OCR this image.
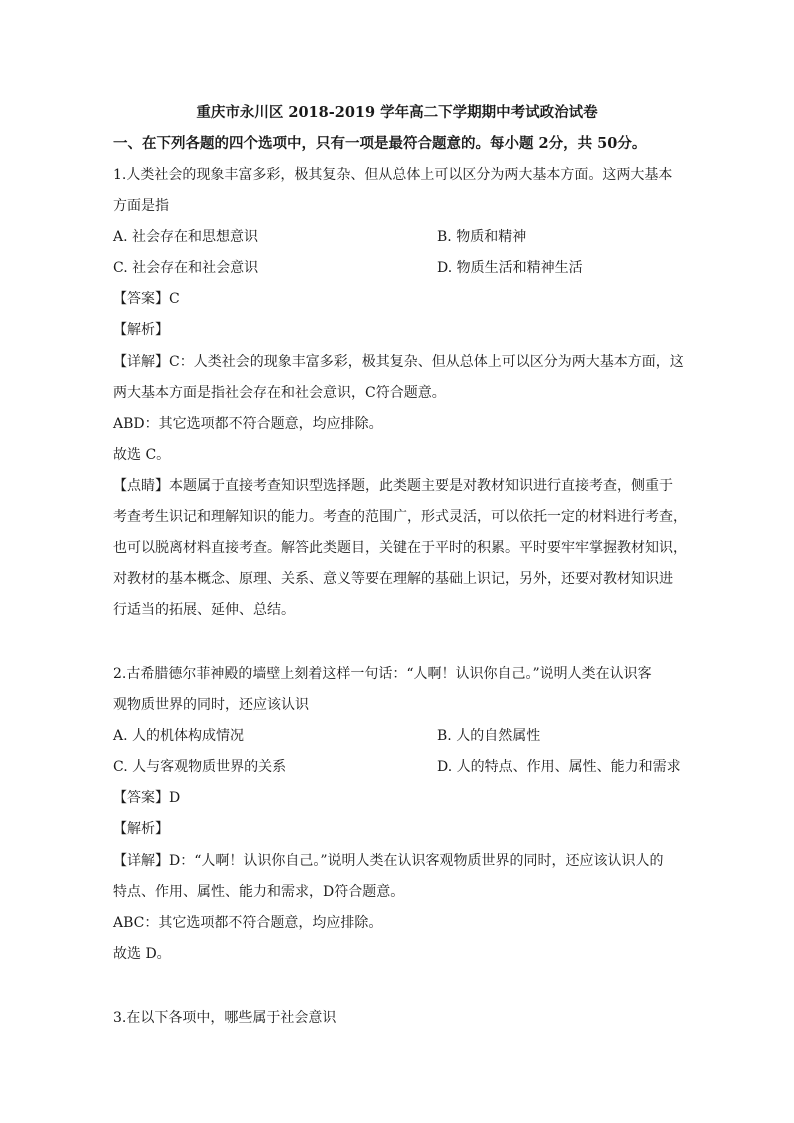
重庆市永川区 2018-2019 学年高二下学期期中考试政治试卷
一、在下列各题的四个选项中，只有一项是最符合题意的。每小题 2分，共 50分。
1.人类社会的现象丰富多彩，极其复杂、但从总体上可以区分为两大基本方面。这两大基本
方面是指
A. 社会存在和思想意识	B. 物质和精神
C. 社会存在和社会意识	D. 物质生活和精神生活
【答案】C
【解析】
【详解】C：人类社会的现象丰富多彩，极其复杂、但从总体上可以区分为两大基本方面，这
两大基本方面是指社会存在和社会意识，C符合题意。
ABD：其它选项都不符合题意，均应排除。
故选 C。
【点睛】本题属于直接考查知识型选择题，此类题主要是对教材知识进行直接考查，侧重于
考查考生识记和理解知识的能力。考查的范围广，形式灵活，可以依托一定的材料进行考查，
也可以脱离材料直接考查。解答此类题目，关键在于平时的积累。平时要牢牢掌握教材知识，
对教材的基本概念、原理、关系、意义等要在理解的基础上识记，另外，还要对教材知识进
行适当的拓展、延伸、总结。
2.古希腊德尔菲神殿的墙壁上刻着这样一句话：“人啊！认识你自己。”说明人类在认识客
观物质世界的同时，还应该认识
A. 人的机体构成情况	B. 人的自然属性
C. 人与客观物质世界的关系	D. 人的特点、作用、属性、能力和需求
【答案】D
【解析】
【详解】D：“人啊！认识你自己。”说明人类在认识客观物质世界的同时，还应该认识人的
特点、作用、属性、能力和需求，D符合题意。
ABC：其它选项都不符合题意，均应排除。
故选 D。
3.在以下各项中，哪些属于社会意识
